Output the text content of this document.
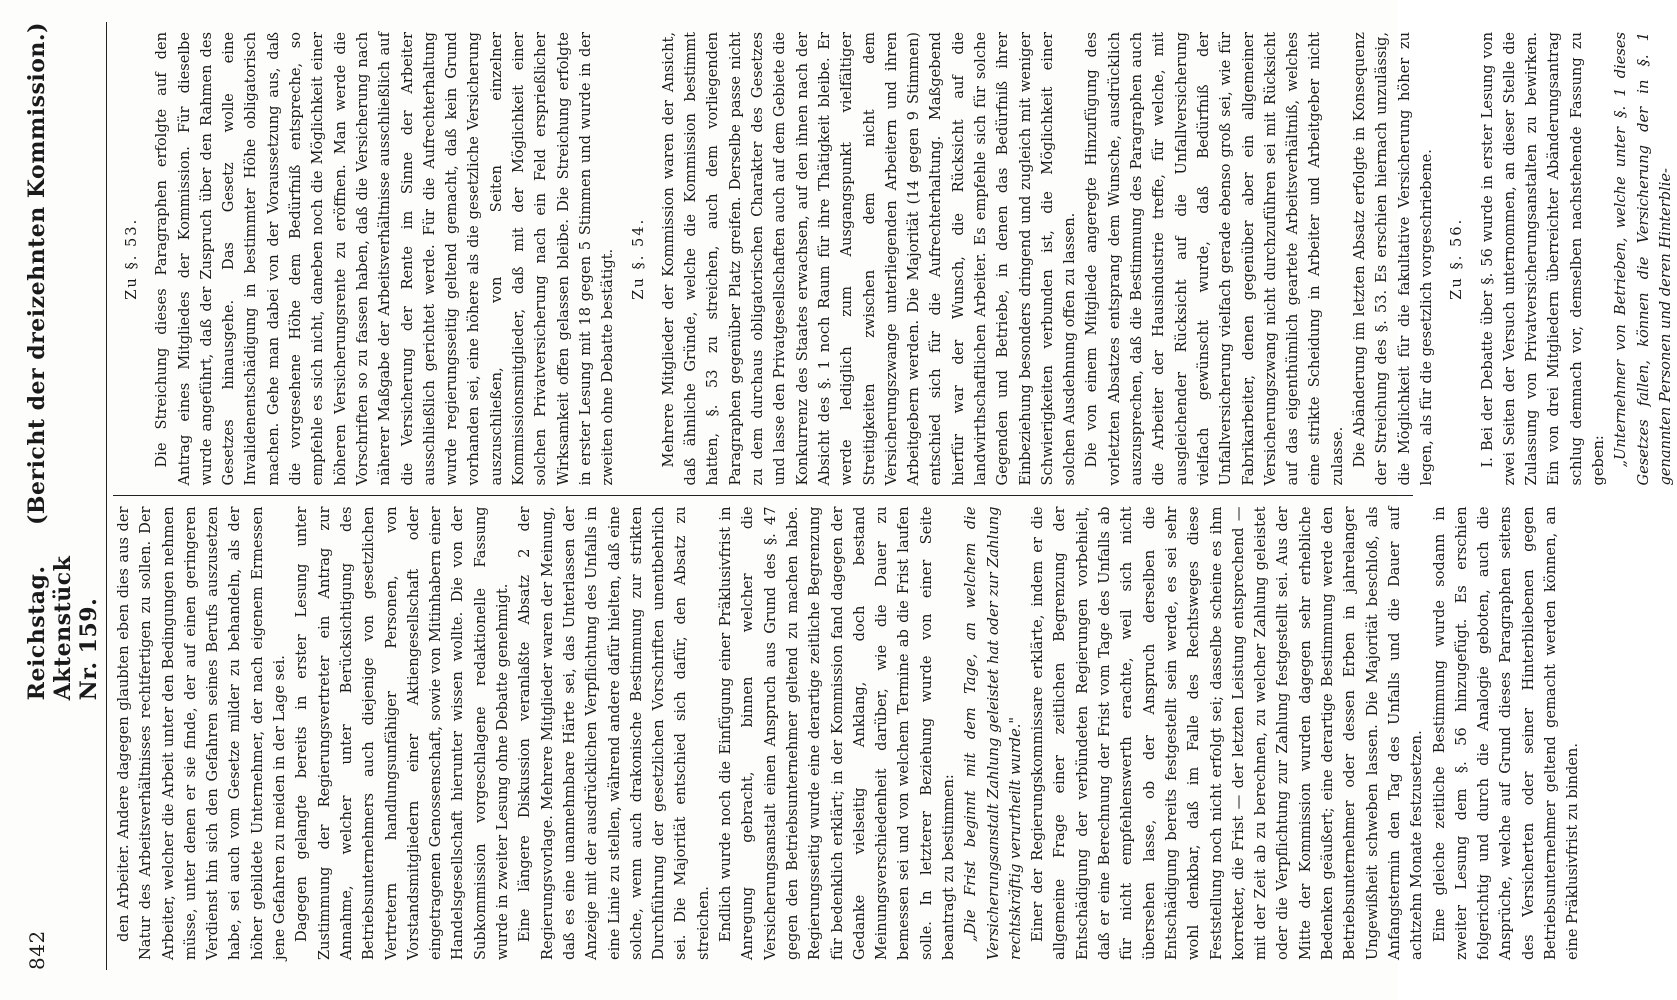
842
Reichstag. Aktenstück Nr. 159.
(Bericht der dreizehnten Kommission.)

den Arbeiter. Andere dagegen glaubten eben dies aus der Natur des Arbeitsverhältnisses rechtfertigen zu sollen. Der Arbeiter, welcher die Arbeit unter den Bedingungen nehmen müsse, unter denen er sie finde, der auf einen geringeren Verdienst hin sich den Gefahren seines Berufs auszusetzen habe, sei auch vom Gesetze milder zu behandeln, als der höher gebildete Unternehmer, der nach eigenem Ermessen jene Gefahren zu meiden in der Lage sei. Dagegen gelangte bereits in erster Lesung unter Zustimmung der Regierungsvertreter ein Antrag zur Annahme, welcher unter Berücksichtigung des Betriebsunternehmers auch diejenige von gesetzlichen Vertretern handlungsunfähiger Personen, von Vorstandsmitgliedern einer Aktiengesellschaft oder eingetragenen Genossenschaft, sowie von Mitinhabern einer Handelsgesellschaft hierunter wissen wollte. Die von der Subkommission vorgeschlagene redaktionelle Fassung wurde in zweiter Lesung ohne Debatte genehmigt. Eine längere Diskussion veranlaßte Absatz 2 der Regierungsvorlage. Mehrere Mitglieder waren der Meinung, daß es eine unannehmbare Härte sei, das Unterlassen der Anzeige mit der ausdrücklichen Verpflichtung des Unfalls in eine Linie zu stellen, während andere dafür hielten, daß eine solche, wenn auch drakonische Bestimmung zur strikten Durchführung der gesetzlichen Vorschriften unentbehrlich sei. Die Majorität entschied sich dafür, den Absatz zu streichen. Endlich wurde noch die Einfügung einer Präklusivfrist in Anregung gebracht, binnen welcher die Versicherungsanstalt einen Anspruch aus Grund des §. 47 gegen den Betriebsunternehmer geltend zu machen habe. Regierungsseitig wurde eine derartige zeitliche Begrenzung für bedenklich erklärt; in der Kommission fand dagegen der Gedanke vielseitig Anklang, doch bestand Meinungsverschiedenheit darüber, wie die Dauer zu bemessen sei und von welchem Termine ab die Frist laufen solle. In letzterer Beziehung wurde von einer Seite beantragt zu bestimmen: „Die Frist beginnt mit dem Tage, an welchem die Versicherungsanstalt Zahlung geleistet hat oder zur Zahlung rechtskräftig verurtheilt wurde." Einer der Regierungskommissare erklärte, indem er die allgemeine Frage einer zeitlichen Begrenzung der Entschädigung der verbündeten Regierungen vorbehielt, daß er eine Berechnung der Frist vom Tage des Unfalls ab für nicht empfehlenswerth erachte, weil sich nicht übersehen lasse, ob der Anspruch derselben die Entschädigung bereits festgestellt sein werde, es sei sehr wohl denkbar, daß im Falle des Rechtsweges diese Feststellung noch nicht erfolgt sei; dasselbe scheine es ihm korrekter, die Frist — der letzten Leistung entsprechend — mit der Zeit ab zu berechnen, zu welcher Zahlung geleistet oder die Verpflichtung zur Zahlung festgestellt sei. Aus der Mitte der Kommission wurden dagegen sehr erhebliche Bedenken geäußert; eine derartige Bestimmung werde den Betriebsunternehmer oder dessen Erben in jahrelanger Ungewißheit schweben lassen. Die Majorität beschloß, als Anfangstermin den Tag des Unfalls und die Dauer auf achtzehn Monate festzusetzen. Eine gleiche zeitliche Bestimmung wurde sodann in zweiter Lesung dem §. 56 hinzugefügt. Es erschien folgerichtig und durch die Analogie geboten, auch die Ansprüche, welche auf Grund dieses Paragraphen seitens des Versicherten oder seiner Hinterbliebenen gegen Betriebsunternehmer geltend gemacht werden können, an eine Präklusivfrist zu binden.

Zu §. 53. Die Streichung dieses Paragraphen erfolgte auf den Antrag eines Mitgliedes der Kommission. Für dieselbe wurde angeführt, daß der Zuspruch über den Rahmen des Gesetzes hinausgehe. Das Gesetz wolle eine Invalidenentschädigung in bestimmter Höhe obligatorisch machen. Gehe man dabei von der Voraussetzung aus, daß die vorgesehene Höhe dem Bedürfniß entspreche, so empfehle es sich nicht, daneben noch die Möglichkeit einer höheren Versicherungsrente zu eröffnen. Man werde die Vorschriften so zu fassen haben, daß die Versicherung nach näherer Maßgabe der Arbeitsverhältnisse ausschließlich auf die Versicherung der Rente im Sinne der Arbeiter ausschließlich gerichtet werde. Für die Aufrechterhaltung wurde regierungsseitig geltend gemacht, daß kein Grund vorhanden sei, eine höhere als die gesetzliche Versicherung auszuschließen, von Seiten einzelner Kommissionsmitglieder, daß mit der Möglichkeit einer solchen Privatversicherung nach ein Feld ersprießlicher Wirksamkeit offen gelassen bleibe. Die Streichung erfolgte in erster Lesung mit 18 gegen 5 Stimmen und wurde in der zweiten ohne Debatte bestätigt. Zu §. 54. Mehrere Mitglieder der Kommission waren der Ansicht, daß ähnliche Gründe, welche die Kommission bestimmt hatten, §. 53 zu streichen, auch dem vorliegenden Paragraphen gegenüber Platz greifen. Derselbe passe nicht zu dem durchaus obligatorischen Charakter des Gesetzes und lasse den Privatgesellschaften auch auf dem Gebiete die Konkurrenz des Staates erwachsen, auf den ihnen nach der Absicht des §. 1 noch Raum für ihre Thätigkeit bleibe. Er werde lediglich zum Ausgangspunkt vielfältiger Streitigkeiten zwischen dem nicht dem Versicherungszwange unterliegenden Arbeitern und ihren Arbeitgebern werden. Die Majorität (14 gegen 9 Stimmen) entschied sich für die Aufrechterhaltung. Maßgebend hierfür war der Wunsch, die Rücksicht auf die landwirthschaftlichen Arbeiter. Es empfehle sich für solche Gegenden und Betriebe, in denen das Bedürfniß ihrer Einbeziehung besonders dringend und zugleich mit weniger Schwierigkeiten verbunden ist, die Möglichkeit einer solchen Ausdehnung offen zu lassen. Die von einem Mitgliede angeregte Hinzufügung des vorletzten Absatzes entsprang dem Wunsche, ausdrücklich auszusprechen, daß die Bestimmung des Paragraphen auch die Arbeiter der Hausindustrie treffe, für welche, mit ausgleichender Rücksicht auf die Unfallversicherung vielfach gewünscht wurde, daß Bedürfniß der Unfallversicherung vielfach gerade ebenso groß sei, wie für Fabrikarbeiter, denen gegenüber aber ein allgemeiner Versicherungszwang nicht durchzuführen sei mit Rücksicht auf das eigenthümlich geartete Arbeitsverhältniß, welches eine strikte Scheidung in Arbeiter und Arbeitgeber nicht zulasse. Die Abänderung im letzten Absatz erfolgte in Konsequenz der Streichung des §. 53. Es erschien hiernach unzulässig, die Möglichkeit für die fakultative Versicherung höher zu legen, als für die gesetzlich vorgeschriebene. Zu §. 56. I. Bei der Debatte über §. 56 wurde in erster Lesung von zwei Seiten der Versuch unternommen, an dieser Stelle die Zulassung von Privatversicherungsanstalten zu bewirken. Ein von drei Mitgliedern überreichter Abänderungsantrag schlug demnach vor, demselben nachstehende Fassung zu geben: „Unternehmer von Betrieben, welche unter §. 1 dieses Gesetzes fallen, können die Versicherung der in §. 1 genannten Personen und deren Hinterblie-
